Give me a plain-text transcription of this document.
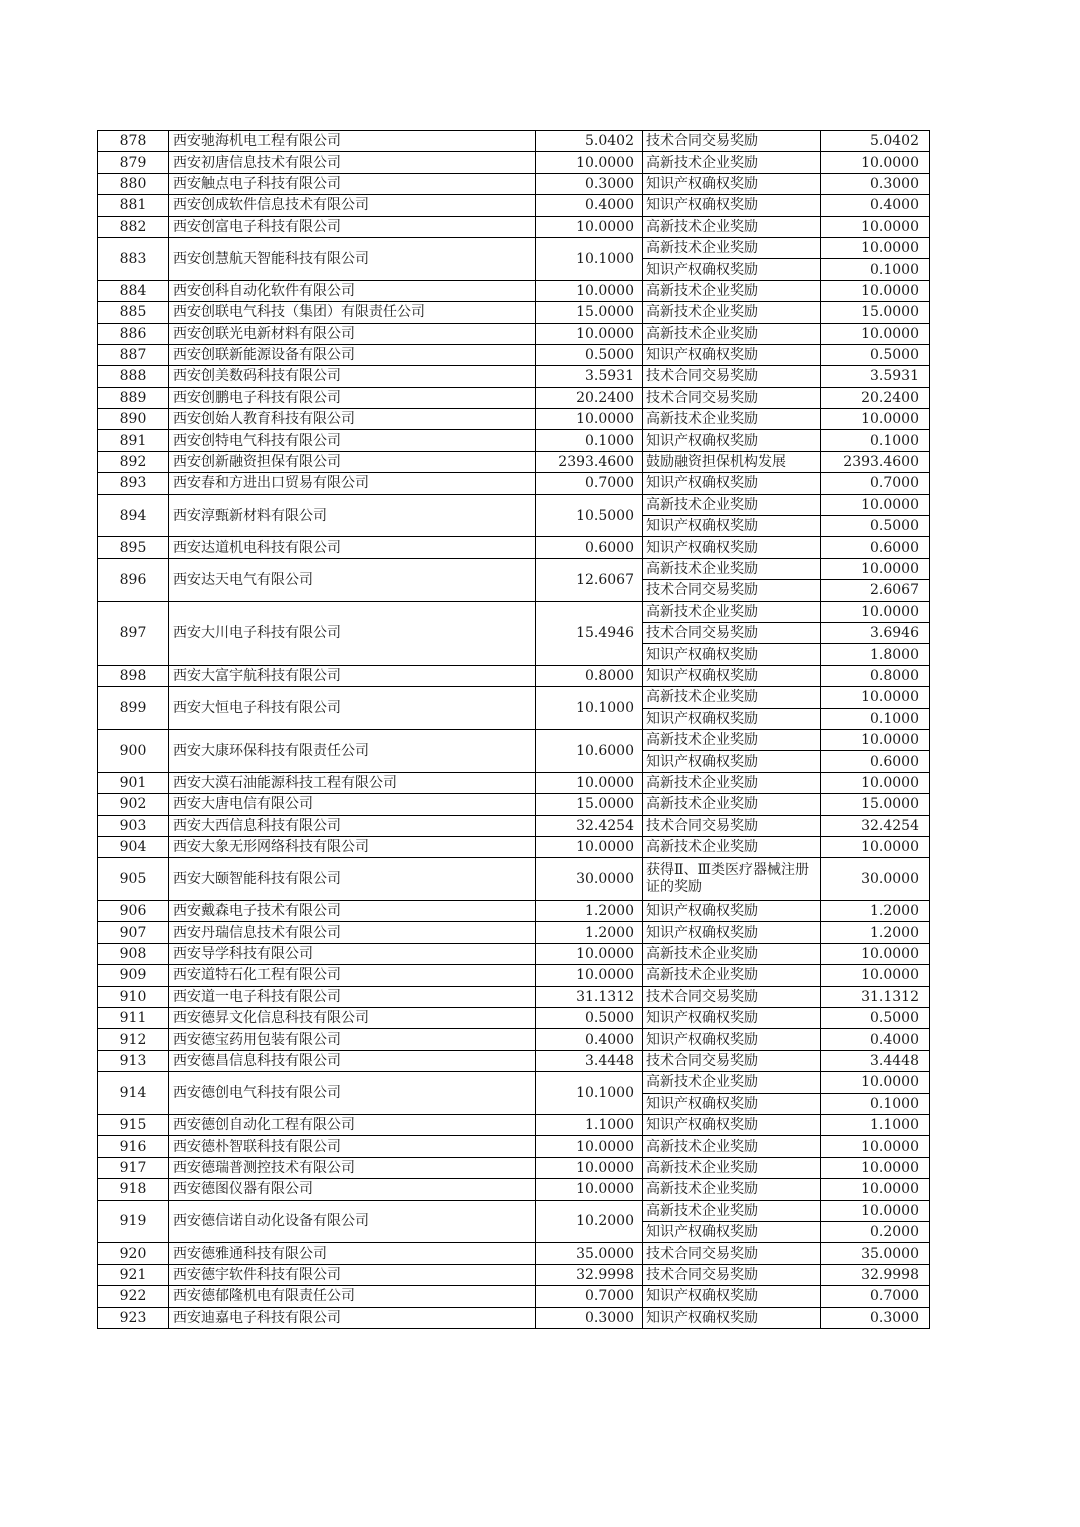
878	西安驰海机电工程有限公司	5.0402	技术合同交易奖励	5.0402
879	西安初唐信息技术有限公司	10.0000	高新技术企业奖励	10.0000
880	西安触点电子科技有限公司	0.3000	知识产权确权奖励	0.3000
881	西安创成软件信息技术有限公司	0.4000	知识产权确权奖励	0.4000
882	西安创富电子科技有限公司	10.0000	高新技术企业奖励	10.0000
883	西安创慧航天智能科技有限公司	10.1000	高新技术企业奖励	10.0000
			知识产权确权奖励	0.1000
884	西安创科自动化软件有限公司	10.0000	高新技术企业奖励	10.0000
885	西安创联电气科技（集团）有限责任公司	15.0000	高新技术企业奖励	15.0000
886	西安创联光电新材料有限公司	10.0000	高新技术企业奖励	10.0000
887	西安创联新能源设备有限公司	0.5000	知识产权确权奖励	0.5000
888	西安创美数码科技有限公司	3.5931	技术合同交易奖励	3.5931
889	西安创鹏电子科技有限公司	20.2400	技术合同交易奖励	20.2400
890	西安创始人教育科技有限公司	10.0000	高新技术企业奖励	10.0000
891	西安创特电气科技有限公司	0.1000	知识产权确权奖励	0.1000
892	西安创新融资担保有限公司	2393.4600	鼓励融资担保机构发展	2393.4600
893	西安春和方进出口贸易有限公司	0.7000	知识产权确权奖励	0.7000
894	西安淳甄新材料有限公司	10.5000	高新技术企业奖励	10.0000
			知识产权确权奖励	0.5000
895	西安达道机电科技有限公司	0.6000	知识产权确权奖励	0.6000
896	西安达天电气有限公司	12.6067	高新技术企业奖励	10.0000
			技术合同交易奖励	2.6067
897	西安大川电子科技有限公司	15.4946	高新技术企业奖励	10.0000
			技术合同交易奖励	3.6946
			知识产权确权奖励	1.8000
898	西安大富宇航科技有限公司	0.8000	知识产权确权奖励	0.8000
899	西安大恒电子科技有限公司	10.1000	高新技术企业奖励	10.0000
			知识产权确权奖励	0.1000
900	西安大康环保科技有限责任公司	10.6000	高新技术企业奖励	10.0000
			知识产权确权奖励	0.6000
901	西安大漠石油能源科技工程有限公司	10.0000	高新技术企业奖励	10.0000
902	西安大唐电信有限公司	15.0000	高新技术企业奖励	15.0000
903	西安大西信息科技有限公司	32.4254	技术合同交易奖励	32.4254
904	西安大象无形网络科技有限公司	10.0000	高新技术企业奖励	10.0000
905	西安大颐智能科技有限公司	30.0000	获得Ⅱ、Ⅲ类医疗器械注册证的奖励	30.0000
906	西安戴森电子技术有限公司	1.2000	知识产权确权奖励	1.2000
907	西安丹瑞信息技术有限公司	1.2000	知识产权确权奖励	1.2000
908	西安导学科技有限公司	10.0000	高新技术企业奖励	10.0000
909	西安道特石化工程有限公司	10.0000	高新技术企业奖励	10.0000
910	西安道一电子科技有限公司	31.1312	技术合同交易奖励	31.1312
911	西安德昇文化信息科技有限公司	0.5000	知识产权确权奖励	0.5000
912	西安德宝药用包装有限公司	0.4000	知识产权确权奖励	0.4000
913	西安德昌信息科技有限公司	3.4448	技术合同交易奖励	3.4448
914	西安德创电气科技有限公司	10.1000	高新技术企业奖励	10.0000
			知识产权确权奖励	0.1000
915	西安德创自动化工程有限公司	1.1000	知识产权确权奖励	1.1000
916	西安德朴智联科技有限公司	10.0000	高新技术企业奖励	10.0000
917	西安德瑞普测控技术有限公司	10.0000	高新技术企业奖励	10.0000
918	西安德图仪器有限公司	10.0000	高新技术企业奖励	10.0000
919	西安德信诺自动化设备有限公司	10.2000	高新技术企业奖励	10.0000
			知识产权确权奖励	0.2000
920	西安德雅通科技有限公司	35.0000	技术合同交易奖励	35.0000
921	西安德宇软件科技有限公司	32.9998	技术合同交易奖励	32.9998
922	西安德郁隆机电有限责任公司	0.7000	知识产权确权奖励	0.7000
923	西安迪嘉电子科技有限公司	0.3000	知识产权确权奖励	0.3000
